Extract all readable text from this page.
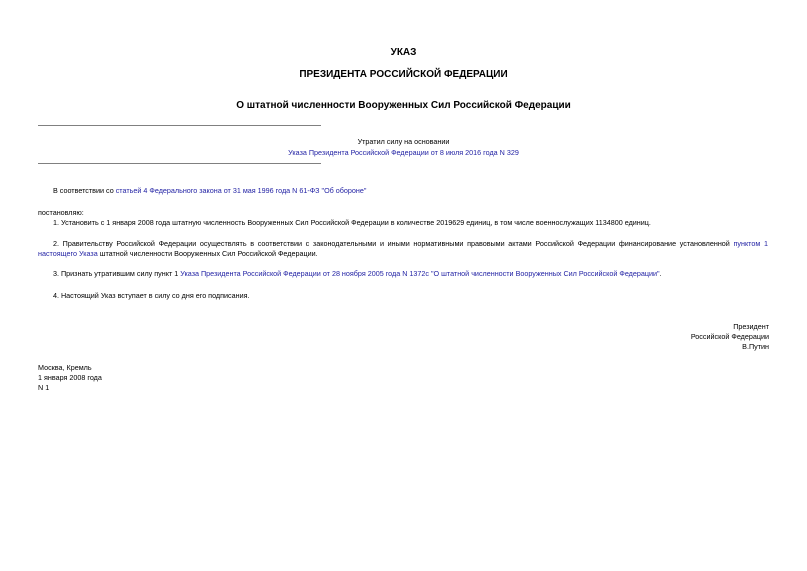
УКАЗ
ПРЕЗИДЕНТА РОССИЙСКОЙ ФЕДЕРАЦИИ
О штатной численности Вооруженных Сил Российской Федерации
Утратил силу на основании
Указа Президента Российской Федерации от 8 июля 2016 года N 329
В соответствии со статьей 4 Федерального закона от 31 мая 1996 года N 61-ФЗ "Об обороне"
постановляю:
1. Установить с 1 января 2008 года штатную численность Вооруженных Сил Российской Федерации в количестве 2019629 единиц, в том числе военнослужащих 1134800 единиц.
2. Правительству Российской Федерации осуществлять в соответствии с законодательными и иными нормативными правовыми актами Российской Федерации финансирование установленной пунктом 1 настоящего Указа штатной численности Вооруженных Сил Российской Федерации.
3. Признать утратившим силу пункт 1 Указа Президента Российской Федерации от 28 ноября 2005 года N 1372с "О штатной численности Вооруженных Сил Российской Федерации".
4. Настоящий Указ вступает в силу со дня его подписания.
Президент
Российской Федерации
В.Путин
Москва, Кремль
1 января 2008 года
N 1
